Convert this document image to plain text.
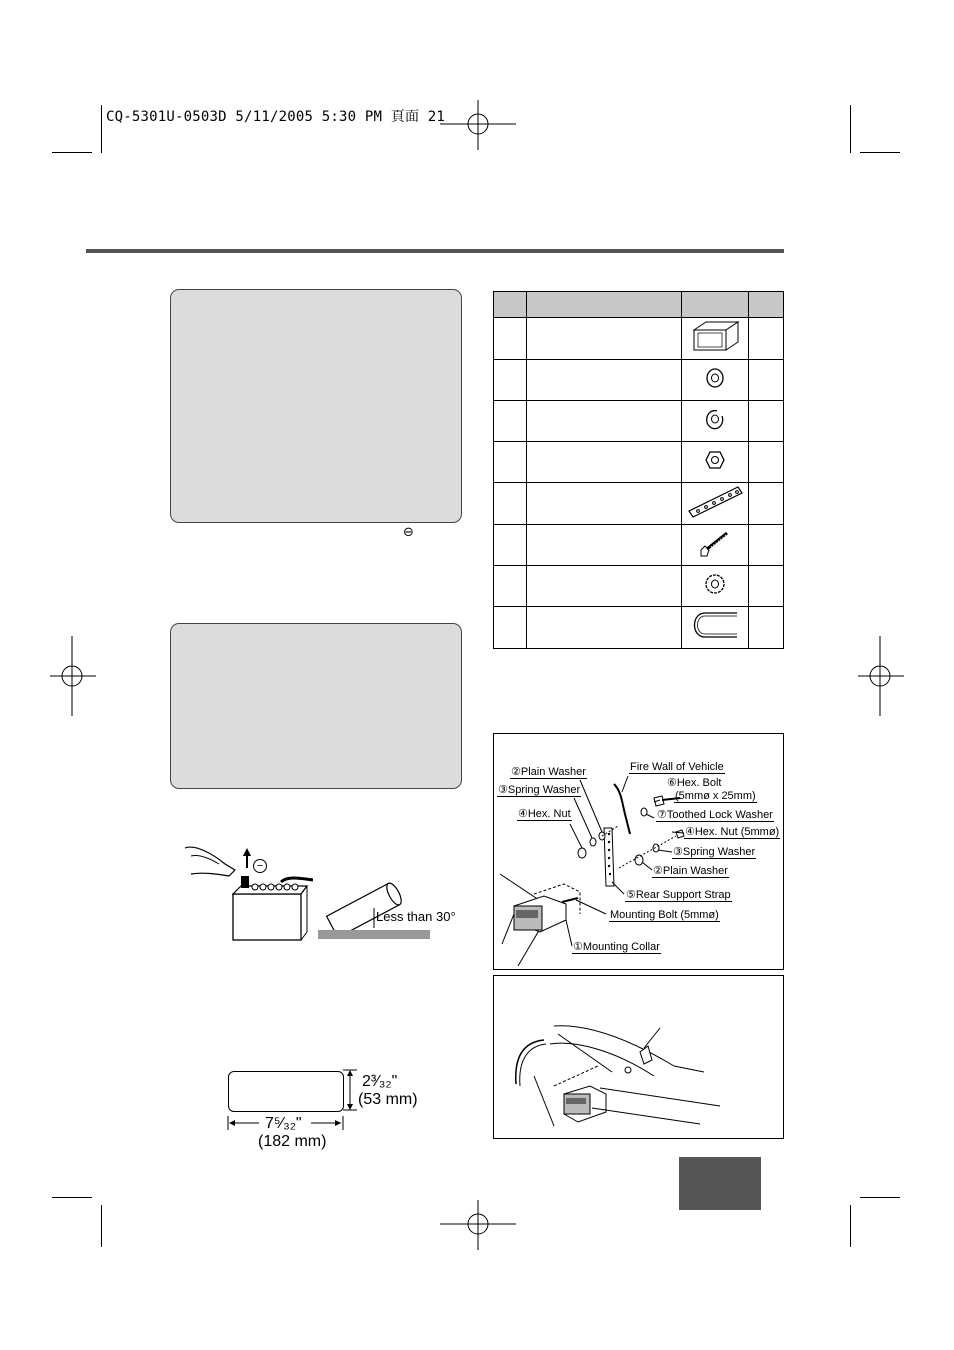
CQ-5301U-0503D 5/11/2005 5:30 PM 頁面 21
⊖
−
Less than 30°
2³⁄₃₂"
(53 mm)
7⁵⁄₃₂"
(182 mm)

②Plain Washer
③Spring Washer
④Hex. Nut
Fire Wall of Vehicle
⑥Hex. Bolt
(5mmø x 25mm)
⑦Toothed Lock Washer
④Hex. Nut (5mmø)
③Spring Washer
②Plain Washer
⑤Rear Support Strap
Mounting Bolt (5mmø)
①Mounting Collar
